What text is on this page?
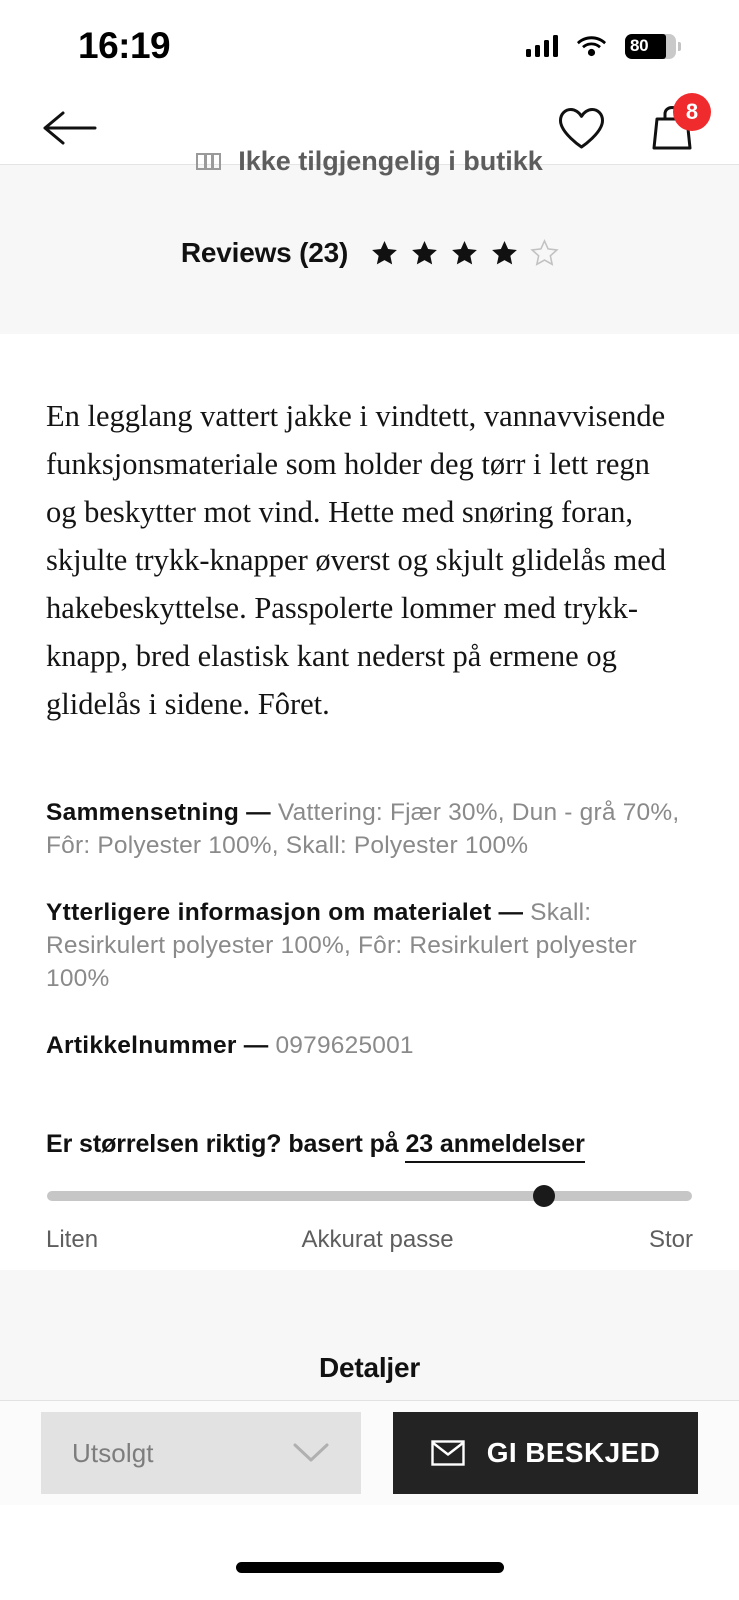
16:19	80
8
Ikke tilgjengelig i butikk
Reviews (23)

En legglang vattert jakke i vindtett, vannavvisende funksjonsmateriale som holder deg tørr i lett regn og beskytter mot vind. Hette med snøring foran, skjulte trykk-knapper øverst og skjult glidelås med hakebeskyttelse. Passpolerte lommer med trykk-knapp, bred elastisk kant nederst på ermene og glidelås i sidene. Fôret.

Sammensetning — Vattering: Fjær 30%, Dun - grå 70%, Fôr: Polyester 100%, Skall: Polyester 100%
Ytterligere informasjon om materialet — Skall: Resirkulert polyester 100%, Fôr: Resirkulert polyester 100%
Artikkelnummer — 0979625001
Er størrelsen riktig? basert på 23 anmeldelser
Liten	Akkurat passe	Stor
Detaljer
Utsolgt	GI BESKJED
